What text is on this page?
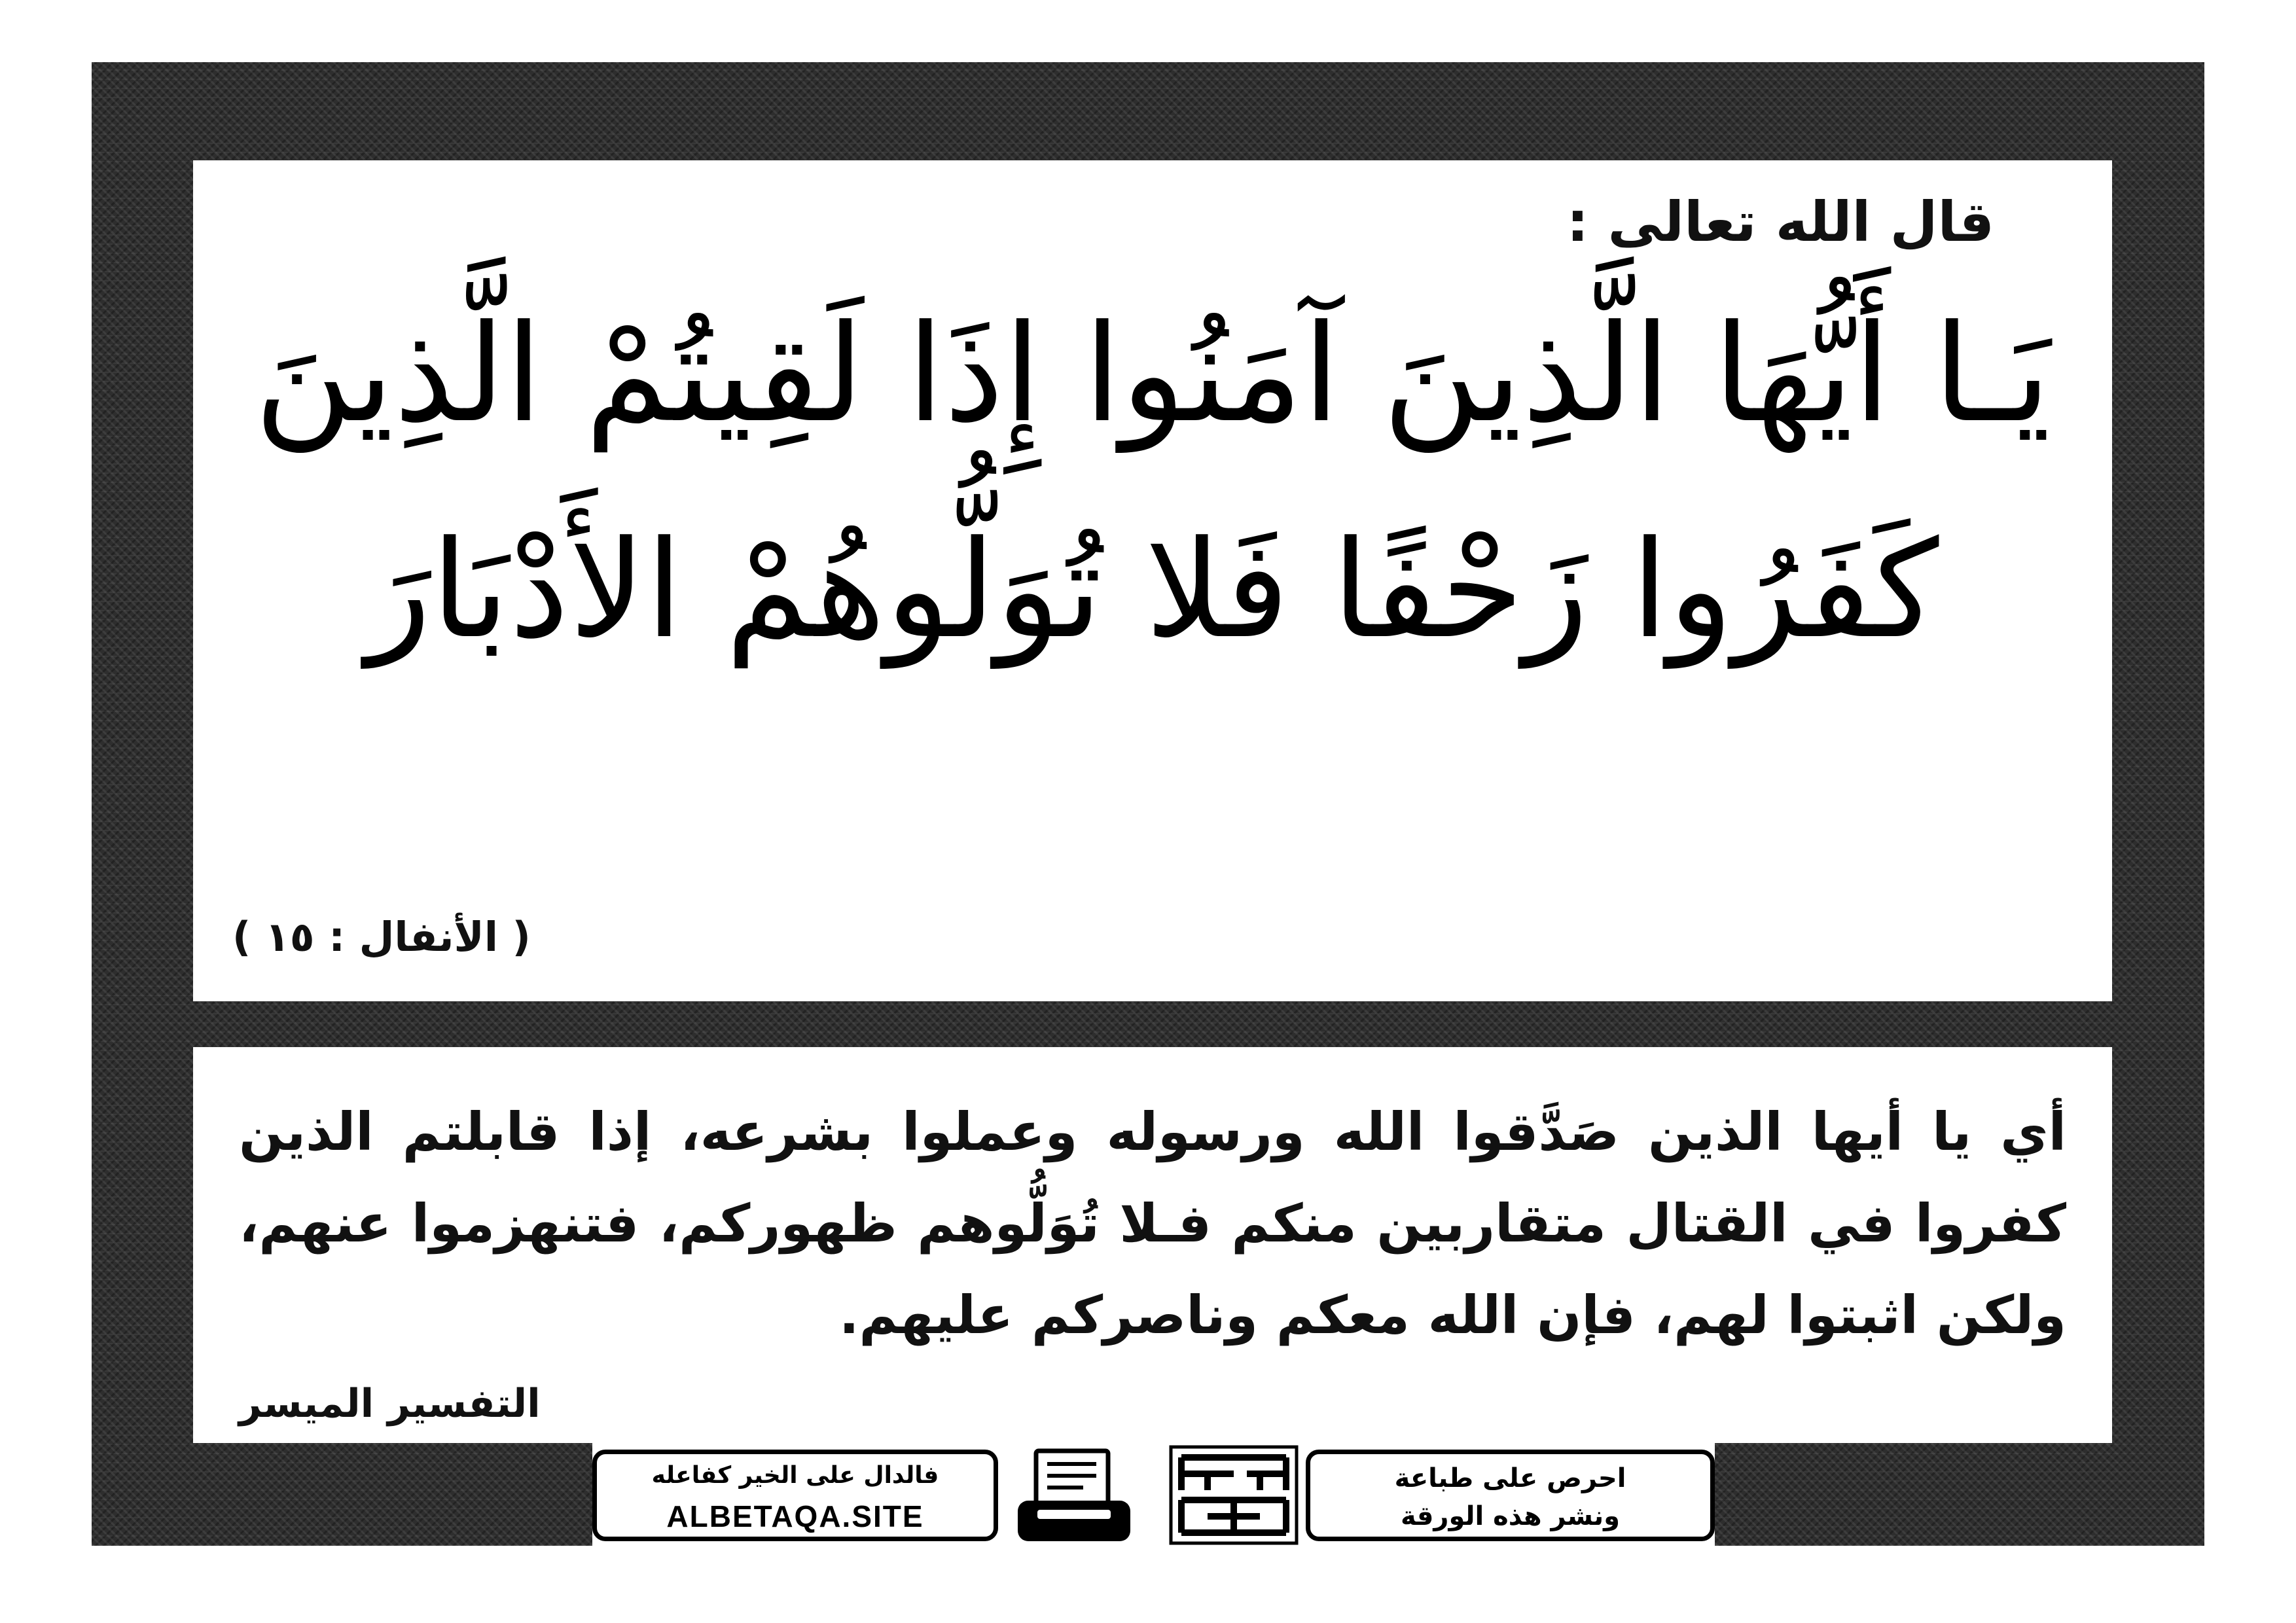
قال الله تعالى :
يَـا أَيُّهَا الَّذِينَ آمَنُوا إِذَا لَقِيتُمْ الَّذِينَ
كَفَرُوا زَحْفًا فَلا تُوَلُّوهُمْ الأَدْبَارَ
( الأنفال : ١٥ )
أي يا أيها الذين صَدَّقوا الله ورسوله وعملوا بشرعه، إذا قابلتم الذين كفروا في القتال متقاربين منكم فـلا تُوَلُّوهم ظهوركم، فتنهزموا عنهم، ولكن اثبتوا لهم، فإن الله معكم وناصركم عليهم.
التفسير الميسر
فالدال على الخير كفاعله
ALBETAQA.SITE
احرص على طباعة
ونشر هذه الورقة
